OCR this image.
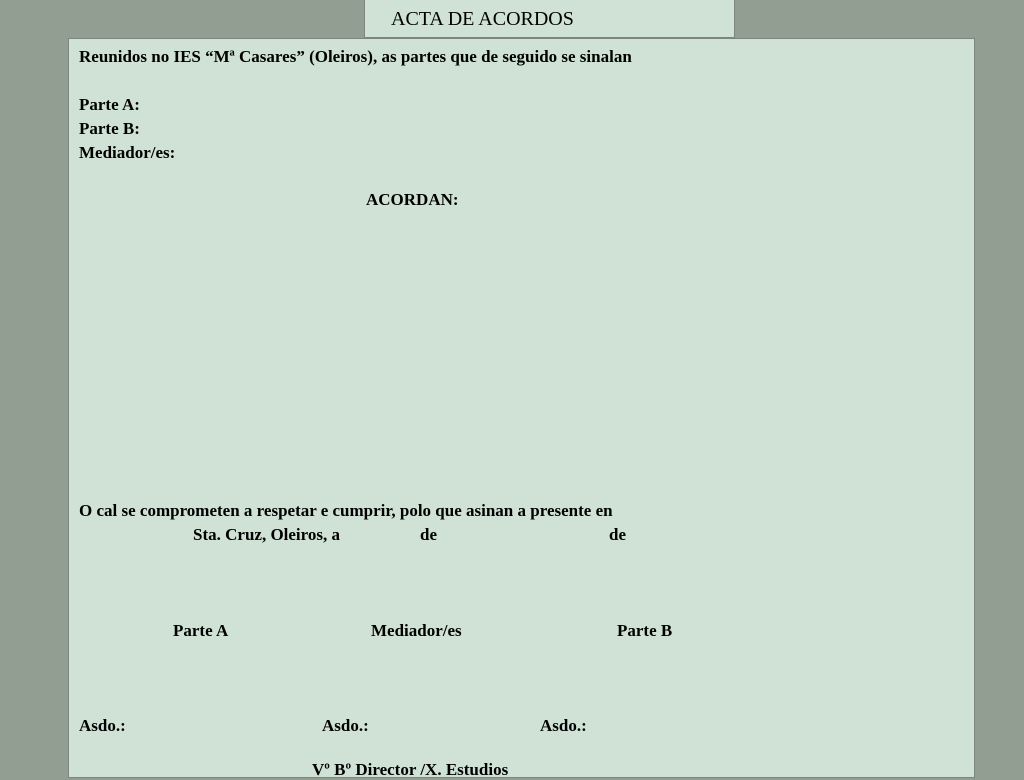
ACTA DE ACORDOS
Reunidos no IES “Mª Casares” (Oleiros), as partes que de seguido se sinalan
Parte A:
Parte B:
Mediador/es:
ACORDAN:
O cal se comprometen a respetar e cumprir, polo que asinan a presente en
Sta. Cruz, Oleiros, a	de	de
Parte A	Mediador/es	Parte B
Asdo.:	Asdo.:	Asdo.:
Vº Bº Director /X. Estudios
